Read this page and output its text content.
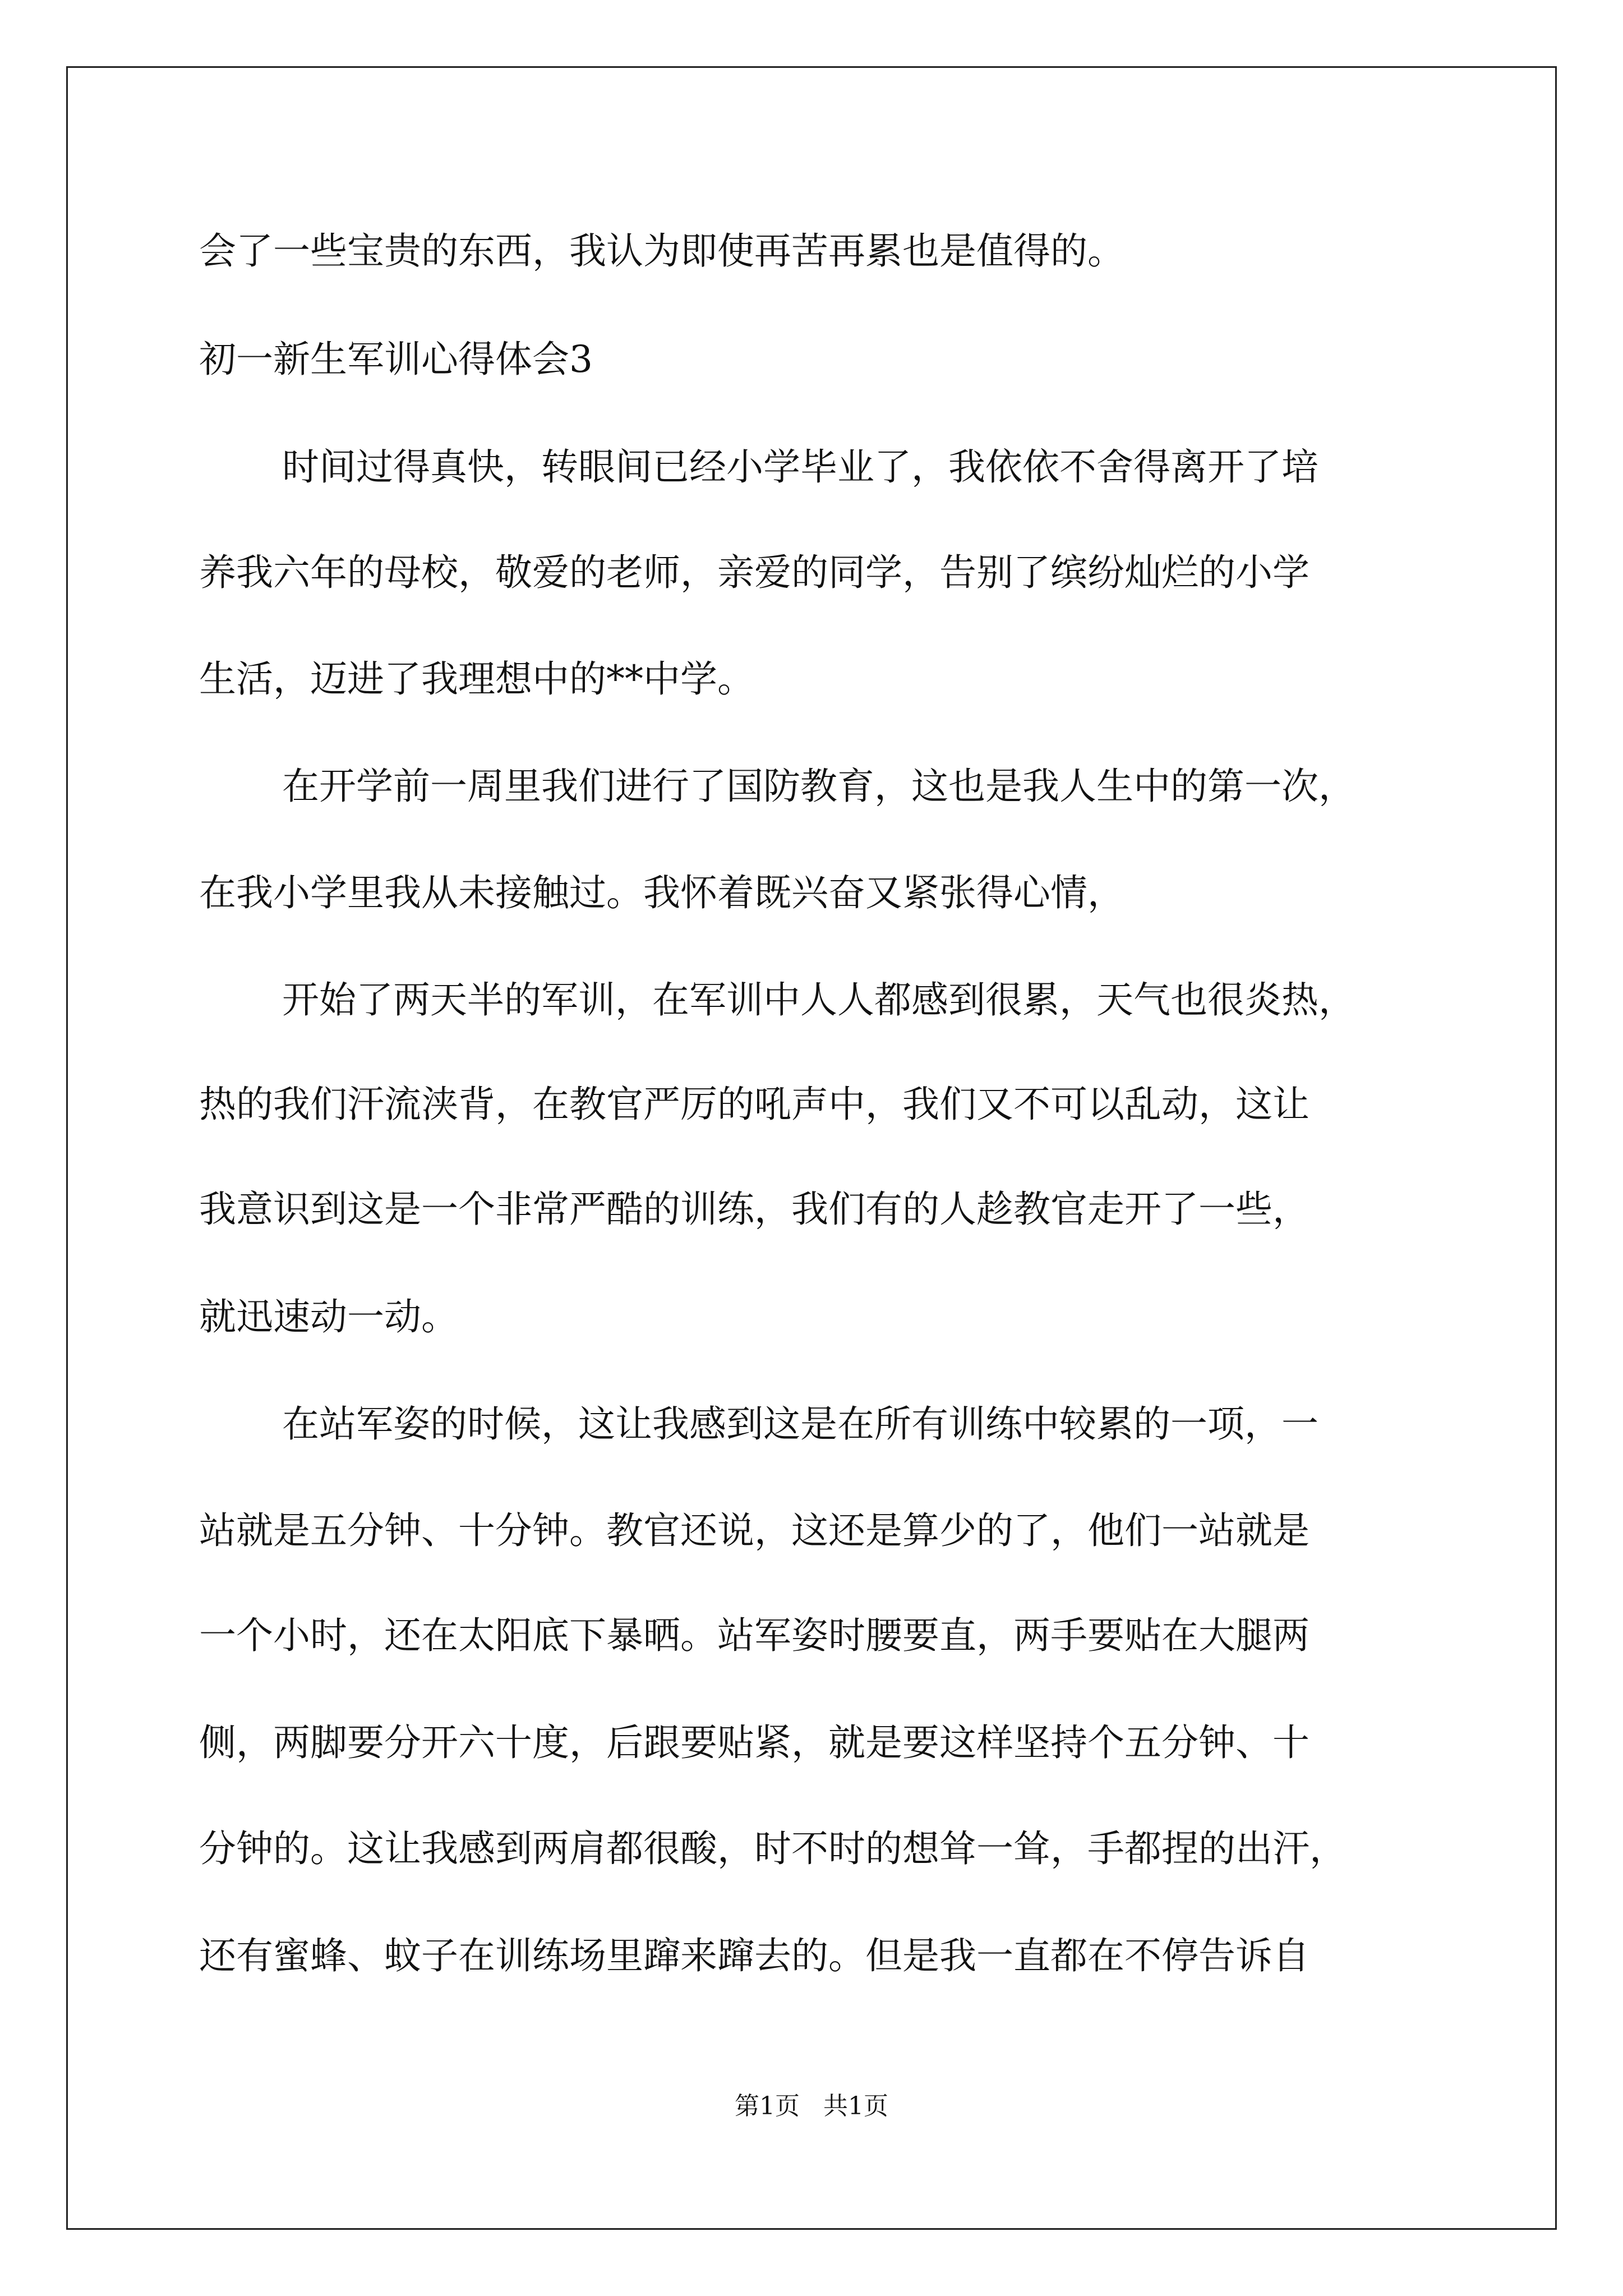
会了一些宝贵的东西，我认为即使再苦再累也是值得的。
初一新生军训心得体会3
时间过得真快，转眼间已经小学毕业了，我依依不舍得离开了培
养我六年的母校，敬爱的老师，亲爱的同学，告别了缤纷灿烂的小学
生活，迈进了我理想中的**中学。
在开学前一周里我们进行了国防教育，这也是我人生中的第一次，
在我小学里我从未接触过。我怀着既兴奋又紧张得心情，
开始了两天半的军训，在军训中人人都感到很累，天气也很炎热，
热的我们汗流浃背，在教官严厉的吼声中，我们又不可以乱动，这让
我意识到这是一个非常严酷的训练，我们有的人趁教官走开了一些，
就迅速动一动。
在站军姿的时候，这让我感到这是在所有训练中较累的一项，一
站就是五分钟、十分钟。教官还说，这还是算少的了，他们一站就是
一个小时，还在太阳底下暴晒。站军姿时腰要直，两手要贴在大腿两
侧，两脚要分开六十度，后跟要贴紧，就是要这样坚持个五分钟、十
分钟的。这让我感到两肩都很酸，时不时的想耸一耸，手都捏的出汗，
还有蜜蜂、蚊子在训练场里蹿来蹿去的。但是我一直都在不停告诉自
第1页   共1页
